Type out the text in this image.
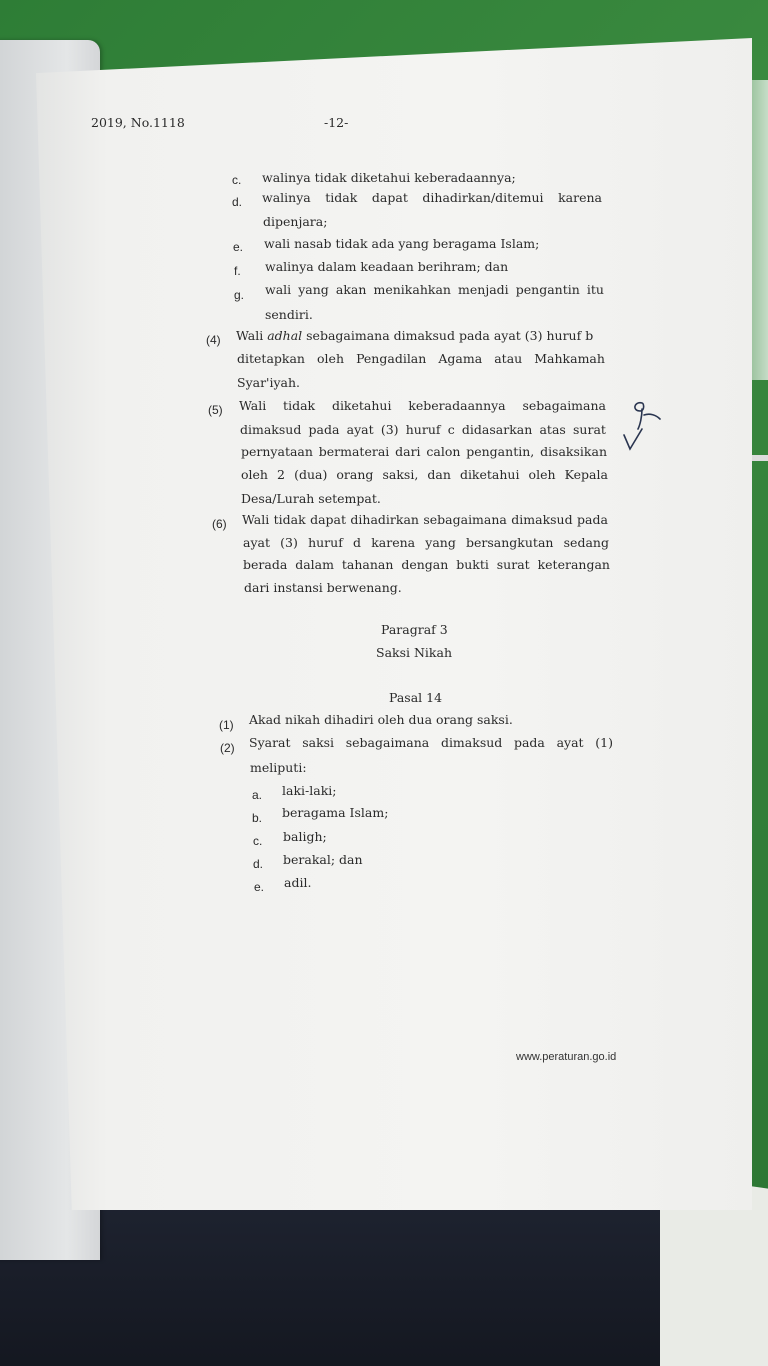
2019, No.1118	-12-
c. walinya tidak diketahui keberadaannya;
d. walinya tidak dapat dihadirkan/ditemui karena
dipenjara;
e. wali nasab tidak ada yang beragama Islam;
f. walinya dalam keadaan berihram; dan
g. wali yang akan menikahkan menjadi pengantin itu
sendiri.
(4) Wali adhal sebagaimana dimaksud pada ayat (3) huruf b
ditetapkan oleh Pengadilan Agama atau Mahkamah
Syar'iyah.
(5) Wali tidak diketahui keberadaannya sebagaimana
dimaksud pada ayat (3) huruf c didasarkan atas surat
pernyataan bermaterai dari calon pengantin, disaksikan
oleh 2 (dua) orang saksi, dan diketahui oleh Kepala
Desa/Lurah setempat.
(6) Wali tidak dapat dihadirkan sebagaimana dimaksud pada
ayat (3) huruf d karena yang bersangkutan sedang
berada dalam tahanan dengan bukti surat keterangan
dari instansi berwenang.
Paragraf 3
Saksi Nikah
Pasal 14
(1) Akad nikah dihadiri oleh dua orang saksi.
(2) Syarat saksi sebagaimana dimaksud pada ayat (1)
meliputi:
a. laki-laki;
b. beragama Islam;
c. baligh;
d. berakal; dan
e. adil.
www.peraturan.go.id
